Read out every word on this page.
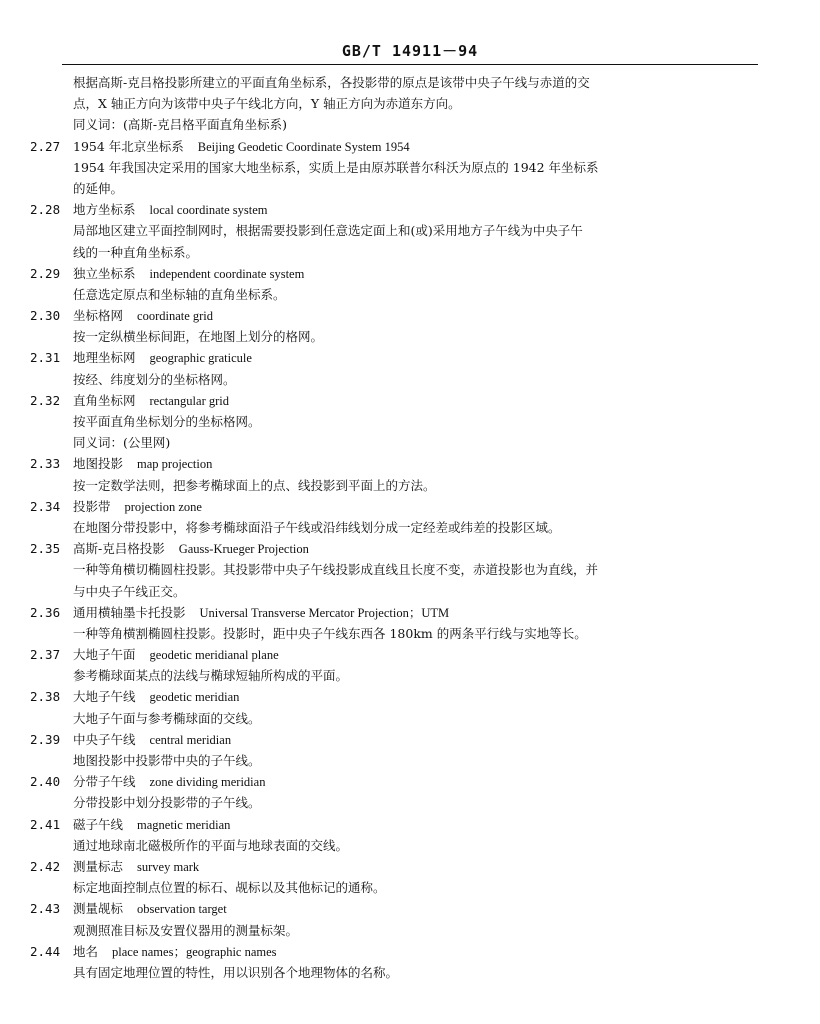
GB/T 14911－94
根据高斯-克吕格投影所建立的平面直角坐标系，各投影带的原点是该带中央子午线与赤道的交
点，X 轴正方向为该带中央子午线北方向，Y 轴正方向为赤道东方向。
同义词：(高斯-克吕格平面直角坐标系)
2.27 1954 年北京坐标系 Beijing Geodetic Coordinate System 1954
1954 年我国决定采用的国家大地坐标系，实质上是由原苏联普尔科沃为原点的 1942 年坐标系
的延伸。
2.28 地方坐标系 local coordinate system
局部地区建立平面控制网时，根据需要投影到任意选定面上和(或)采用地方子午线为中央子午
线的一种直角坐标系。
2.29 独立坐标系 independent coordinate system
任意选定原点和坐标轴的直角坐标系。
2.30 坐标格网 coordinate grid
按一定纵横坐标间距，在地图上划分的格网。
2.31 地理坐标网 geographic graticule
按经、纬度划分的坐标格网。
2.32 直角坐标网 rectangular grid
按平面直角坐标划分的坐标格网。
同义词：(公里网)
2.33 地图投影 map projection
按一定数学法则，把参考椭球面上的点、线投影到平面上的方法。
2.34 投影带 projection zone
在地图分带投影中，将参考椭球面沿子午线或沿纬线划分成一定经差或纬差的投影区域。
2.35 高斯-克吕格投影 Gauss-Krueger Projection
一种等角横切椭圆柱投影。其投影带中央子午线投影成直线且长度不变，赤道投影也为直线，并
与中央子午线正交。
2.36 通用横轴墨卡托投影 Universal Transverse Mercator Projection；UTM
一种等角横割椭圆柱投影。投影时，距中央子午线东西各 180km 的两条平行线与实地等长。
2.37 大地子午面 geodetic meridianal plane
参考椭球面某点的法线与椭球短轴所构成的平面。
2.38 大地子午线 geodetic meridian
大地子午面与参考椭球面的交线。
2.39 中央子午线 central meridian
地图投影中投影带中央的子午线。
2.40 分带子午线 zone dividing meridian
分带投影中划分投影带的子午线。
2.41 磁子午线 magnetic meridian
通过地球南北磁极所作的平面与地球表面的交线。
2.42 测量标志 survey mark
标定地面控制点位置的标石、觇标以及其他标记的通称。
2.43 测量觇标 observation target
观测照准目标及安置仪器用的测量标架。
2.44 地名 place names；geographic names
具有固定地理位置的特性，用以识别各个地理物体的名称。
